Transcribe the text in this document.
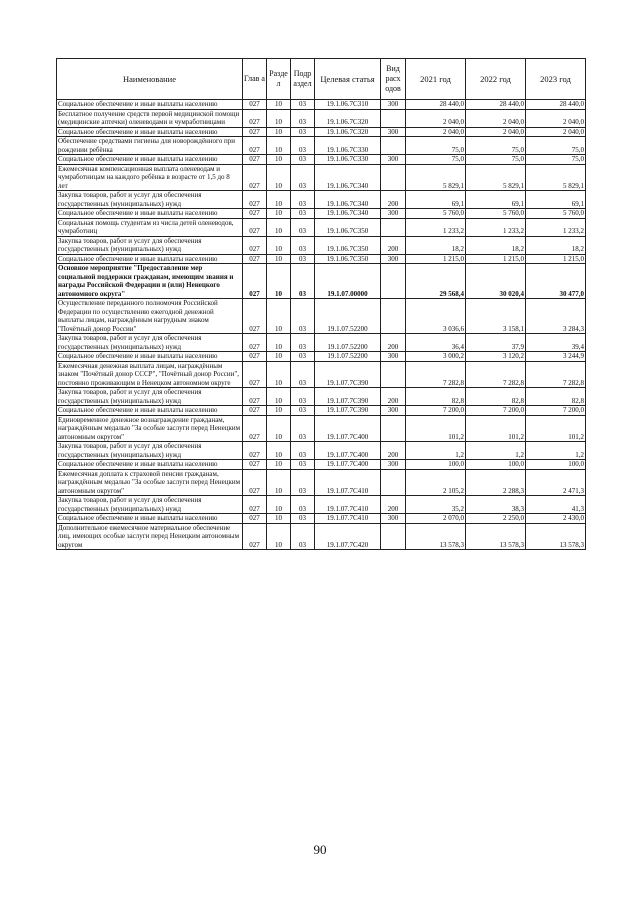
Наименование	Глав а	Разде л	Подр аздел	Целевая статья	Вид расх одов	2021 год	2022 год	2023 год
Социальное обеспечение и иные выплаты населению	027	10	03	19.1.06.7С310	300	28 440,0	28 440,0	28 440,0
Бесплатное получение средств первой медицинской помощи (медицинские аптечки) оленеводами и чумработницами	027	10	03	19.1.06.7С320		2 040,0	2 040,0	2 040,0
Социальное обеспечение и иные выплаты населению	027	10	03	19.1.06.7С320	300	2 040,0	2 040,0	2 040,0
Обеспечение средствами гигиены для новорождённого при рождении ребёнка	027	10	03	19.1.06.7С330		75,0	75,0	75,0
Социальное обеспечение и иные выплаты населению	027	10	03	19.1.06.7С330	300	75,0	75,0	75,0
Ежемесячная компенсационная выплата оленеводам и чумработницам на каждого ребёнка в возрасте от 1,5 до 8 лет	027	10	03	19.1.06.7С340		5 829,1	5 829,1	5 829,1
Закупка товаров, работ и услуг для обеспечения государственных (муниципальных) нужд	027	10	03	19.1.06.7С340	200	69,1	69,1	69,1
Социальное обеспечение и иные выплаты населению	027	10	03	19.1.06.7С340	300	5 760,0	5 760,0	5 760,0
Социальная помощь студентам из числа детей оленеводов, чумработниц	027	10	03	19.1.06.7С350		1 233,2	1 233,2	1 233,2
Закупка товаров, работ и услуг для обеспечения государственных (муниципальных) нужд	027	10	03	19.1.06.7С350	200	18,2	18,2	18,2
Социальное обеспечение и иные выплаты населению	027	10	03	19.1.06.7С350	300	1 215,0	1 215,0	1 215,0
Основное мероприятие "Предоставление мер социальной поддержки гражданам, имеющим звания и награды Российской Федерации и (или) Ненецкого автономного округа"	027	10	03	19.1.07.00000		29 568,4	30 020,4	30 477,0
Осуществление переданного полномочия Российской Федерации по осуществлению ежегодной денежной выплаты лицам, награждённым нагрудным знаком "Почётный донор России"	027	10	03	19.1.07.52200		3 036,6	3 158,1	3 284,3
Закупка товаров, работ и услуг для обеспечения государственных (муниципальных) нужд	027	10	03	19.1.07.52200	200	36,4	37,9	39,4
Социальное обеспечение и иные выплаты населению	027	10	03	19.1.07.52200	300	3 000,2	3 120,2	3 244,9
Ежемесячная денежная выплата лицам, награждённым знаком "Почётный донор СССР", "Почётный донор России", постоянно проживающим в Ненецком автономном округе	027	10	03	19.1.07.7С390		7 282,8	7 282,8	7 282,8
Закупка товаров, работ и услуг для обеспечения государственных (муниципальных) нужд	027	10	03	19.1.07.7С390	200	82,8	82,8	82,8
Социальное обеспечение и иные выплаты населению	027	10	03	19.1.07.7С390	300	7 200,0	7 200,0	7 200,0
Единовременное денежное вознаграждение гражданам, награждённым медалью "За особые заслуги перед Ненецким автономным округом"	027	10	03	19.1.07.7С400		101,2	101,2	101,2
Закупка товаров, работ и услуг для обеспечения государственных (муниципальных) нужд	027	10	03	19.1.07.7С400	200	1,2	1,2	1,2
Социальное обеспечение и иные выплаты населению	027	10	03	19.1.07.7С400	300	100,0	100,0	100,0
Ежемесячная доплата к страховой пенсии гражданам, награждённым медалью "За особые заслуги перед Ненецким автономным округом"	027	10	03	19.1.07.7С410		2 105,2	2 288,3	2 471,3
Закупка товаров, работ и услуг для обеспечения государственных (муниципальных) нужд	027	10	03	19.1.07.7С410	200	35,2	38,3	41,3
Социальное обеспечение и иные выплаты населению	027	10	03	19.1.07.7С410	300	2 070,0	2 250,0	2 430,0
Дополнительное ежемесячное материальное обеспечение лиц, имеющих особые заслуги перед Ненецким автономным округом	027	10	03	19.1.07.7С420		13 578,3	13 578,3	13 578,3
90
